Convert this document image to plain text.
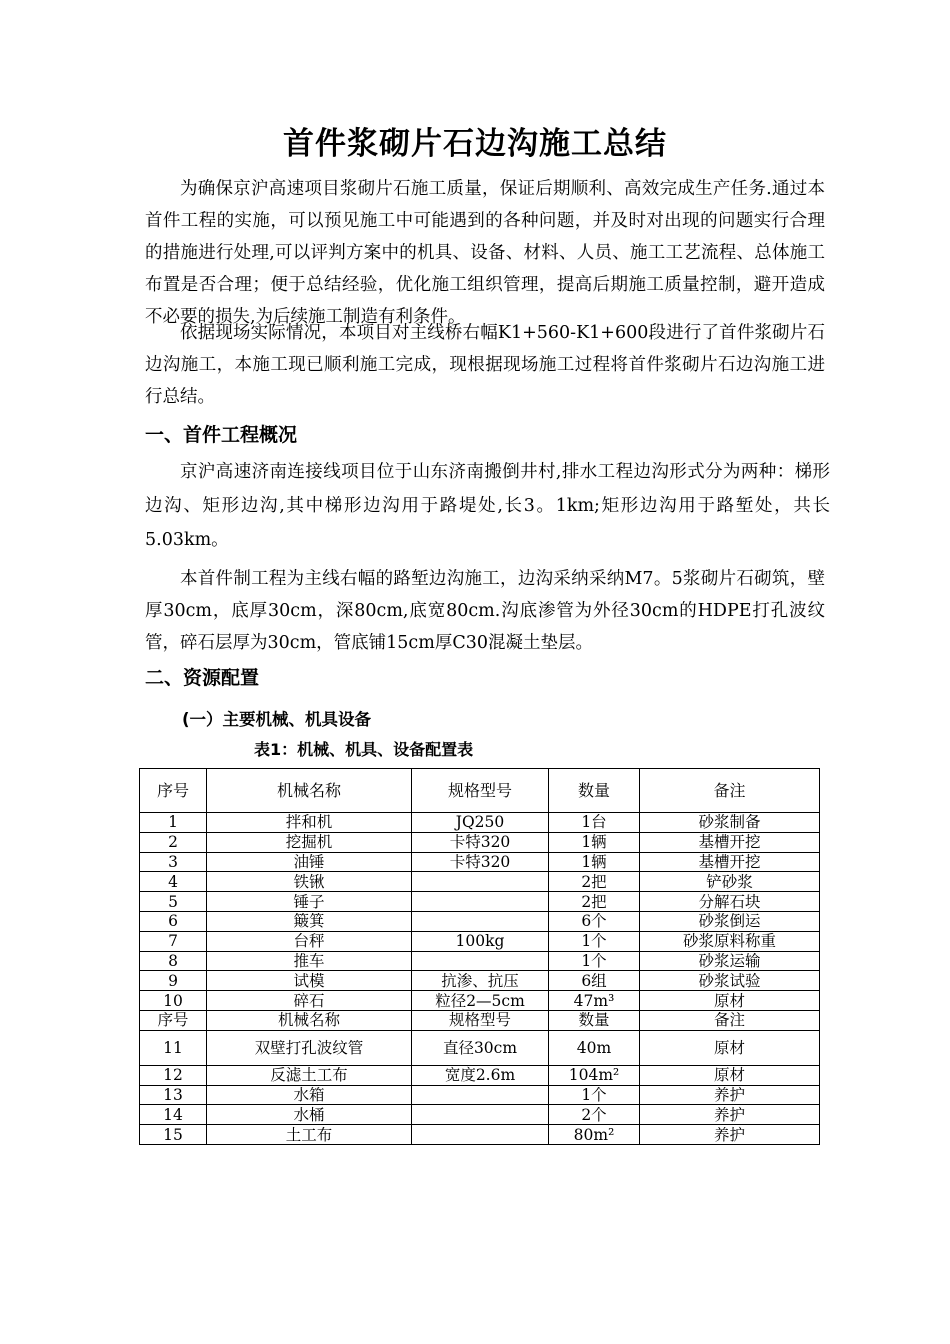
首件浆砌片石边沟施工总结

为确保京沪高速项目浆砌片石施工质量，保证后期顺利、高效完成生产任务.通过本首件工程的实施，可以预见施工中可能遇到的各种问题，并及时对出现的问题实行合理的措施进行处理,可以评判方案中的机具、设备、材料、人员、施工工艺流程、总体施工布置是否合理；便于总结经验，优化施工组织管理，提高后期施工质量控制，避开造成不必要的损失,为后续施工制造有利条件。

依据现场实际情况，本项目对主线桥右幅K1+560-K1+600段进行了首件浆砌片石边沟施工，本施工现已顺利施工完成，现根据现场施工过程将首件浆砌片石边沟施工进行总结。

一、首件工程概况

京沪高速济南连接线项目位于山东济南搬倒井村,排水工程边沟形式分为两种：梯形边沟、矩形边沟,其中梯形边沟用于路堤处,长3。1km;矩形边沟用于路堑处，共长5.03km。

本首件制工程为主线右幅的路堑边沟施工，边沟采纳采纳M7。5浆砌片石砌筑，壁厚30cm，底厚30cm，深80cm,底宽80cm.沟底渗管为外径30cm的HDPE打孔波纹管，碎石层厚为30cm，管底铺15cm厚C30混凝土垫层。

二、资源配置
(一）主要机械、机具设备
表1：机械、机具、设备配置表
序号	机械名称	规格型号	数量	备注
1	拌和机	JQ250	1台	砂浆制备
2	挖掘机	卡特320	1辆	基槽开挖
3	油锤	卡特320	1辆	基槽开挖
4	铁锹		2把	铲砂浆
5	锤子		2把	分解石块
6	簸箕		6个	砂浆倒运
7	台秤	100kg	1个	砂浆原料称重
8	推车		1个	砂浆运输
9	试模	抗渗、抗压	6组	砂浆试验
10	碎石	粒径2—5cm	47m³	原材
序号	机械名称	规格型号	数量	备注
11	双壁打孔波纹管	直径30cm	40m	原材
12	反滤土工布	宽度2.6m	104m²	原材
13	水箱		1个	养护
14	水桶		2个	养护
15	土工布		80m²	养护
